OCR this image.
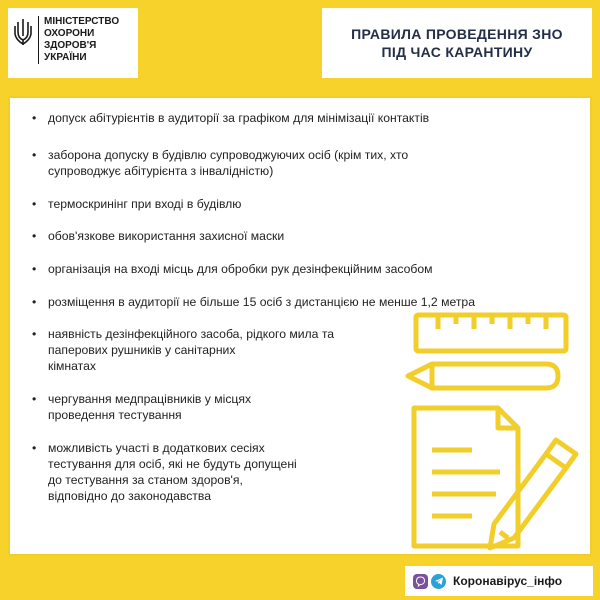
МІНІСТЕРСТВО
ОХОРОНИ
ЗДОРОВ'Я
УКРАЇНИ
ПРАВИЛА ПРОВЕДЕННЯ ЗНО
ПІД ЧАС КАРАНТИНУ
• допуск абітурієнтів в аудиторії за графіком для мінімізації контактів
• заборона допуску в будівлю супроводжуючих осіб (крім тих, хто
супроводжує абітурієнта з інвалідністю)
• термоскринінг при вході в будівлю
• обов'язкове використання захисної маски
• організація на вході місць для обробки рук дезінфекційним засобом
• розміщення в аудиторії не більше 15 осіб з дистанцією не менше 1,2 метра
• наявність дезінфекційного засоба, рідкого мила та
паперових рушників у санітарних
кімнатах
• чергування медпрацівників у місцях
проведення тестування
• можливість участі в додаткових сесіях
тестування для осіб, які не будуть допущені
до тестування за станом здоров'я,
відповідно до законодавства
Коронавірус_інфо
